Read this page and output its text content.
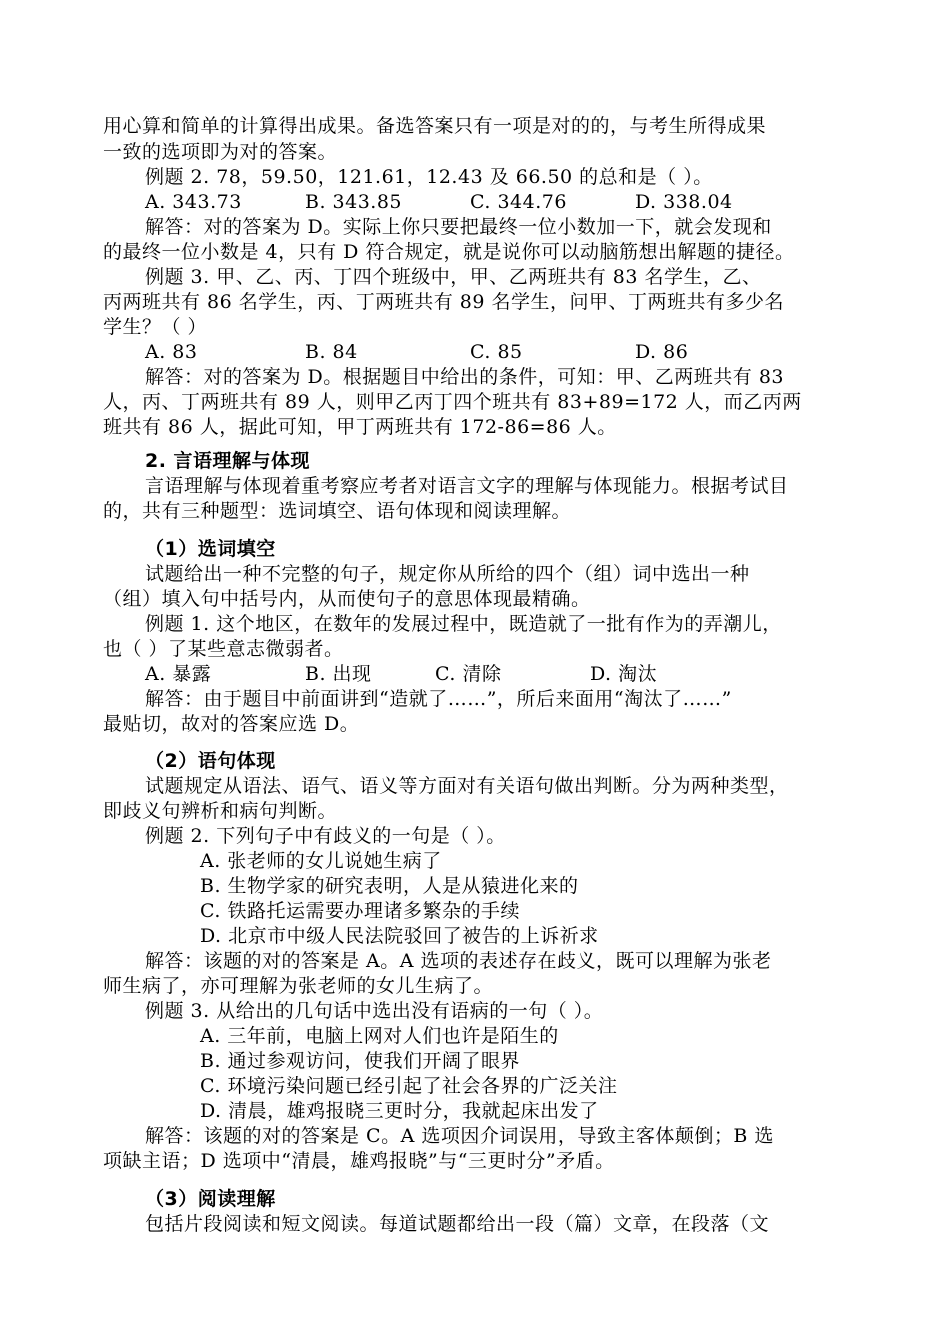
用心算和简单的计算得出成果。备选答案只有一项是对的的，与考生所得成果
一致的选项即为对的答案。
例题 2. 78，59.50，121.61，12.43 及 66.50 的总和是（ ）。
A. 343.73	B. 343.85	C. 344.76	D. 338.04
解答：对的答案为 D。实际上你只要把最终一位小数加一下，就会发现和
的最终一位小数是 4，只有 D 符合规定，就是说你可以动脑筋想出解题的捷径。
例题 3. 甲、乙、丙、丁四个班级中，甲、乙两班共有 83 名学生，乙、
丙两班共有 86 名学生，丙、丁两班共有 89 名学生，问甲、丁两班共有多少名
学生？（ ）
A. 83	B. 84	C. 85	D. 86
解答：对的答案为 D。根据题目中给出的条件，可知：甲、乙两班共有 83
人，丙、丁两班共有 89 人，则甲乙丙丁四个班共有 83+89=172 人，而乙丙两
班共有 86 人，据此可知，甲丁两班共有 172-86=86 人。
2. 言语理解与体现
言语理解与体现着重考察应考者对语言文字的理解与体现能力。根据考试目
的，共有三种题型：选词填空、语句体现和阅读理解。
（1）选词填空
试题给出一种不完整的句子，规定你从所给的四个（组）词中选出一种
（组）填入句中括号内，从而使句子的意思体现最精确。
例题 1. 这个地区，在数年的发展过程中，既造就了一批有作为的弄潮儿，
也（ ）了某些意志微弱者。
A. 暴露	B. 出现	C. 清除	D. 淘汰
解答：由于题目中前面讲到“造就了……”，所后来面用“淘汰了……”
最贴切，故对的答案应选 D。
（2）语句体现
试题规定从语法、语气、语义等方面对有关语句做出判断。分为两种类型，
即歧义句辨析和病句判断。
例题 2. 下列句子中有歧义的一句是（ ）。
A. 张老师的女儿说她生病了
B. 生物学家的研究表明，人是从猿进化来的
C. 铁路托运需要办理诸多繁杂的手续
D. 北京市中级人民法院驳回了被告的上诉祈求
解答：该题的对的答案是 A。A 选项的表述存在歧义，既可以理解为张老
师生病了，亦可理解为张老师的女儿生病了。
例题 3. 从给出的几句话中选出没有语病的一句（ ）。
A. 三年前，电脑上网对人们也许是陌生的
B. 通过参观访问，使我们开阔了眼界
C. 环境污染问题已经引起了社会各界的广泛关注
D. 清晨，雄鸡报晓三更时分，我就起床出发了
解答：该题的对的答案是 C。A 选项因介词误用，导致主客体颠倒；B 选
项缺主语；D 选项中“清晨，雄鸡报晓”与“三更时分”矛盾。
（3）阅读理解
包括片段阅读和短文阅读。每道试题都给出一段（篇）文章，在段落（文
